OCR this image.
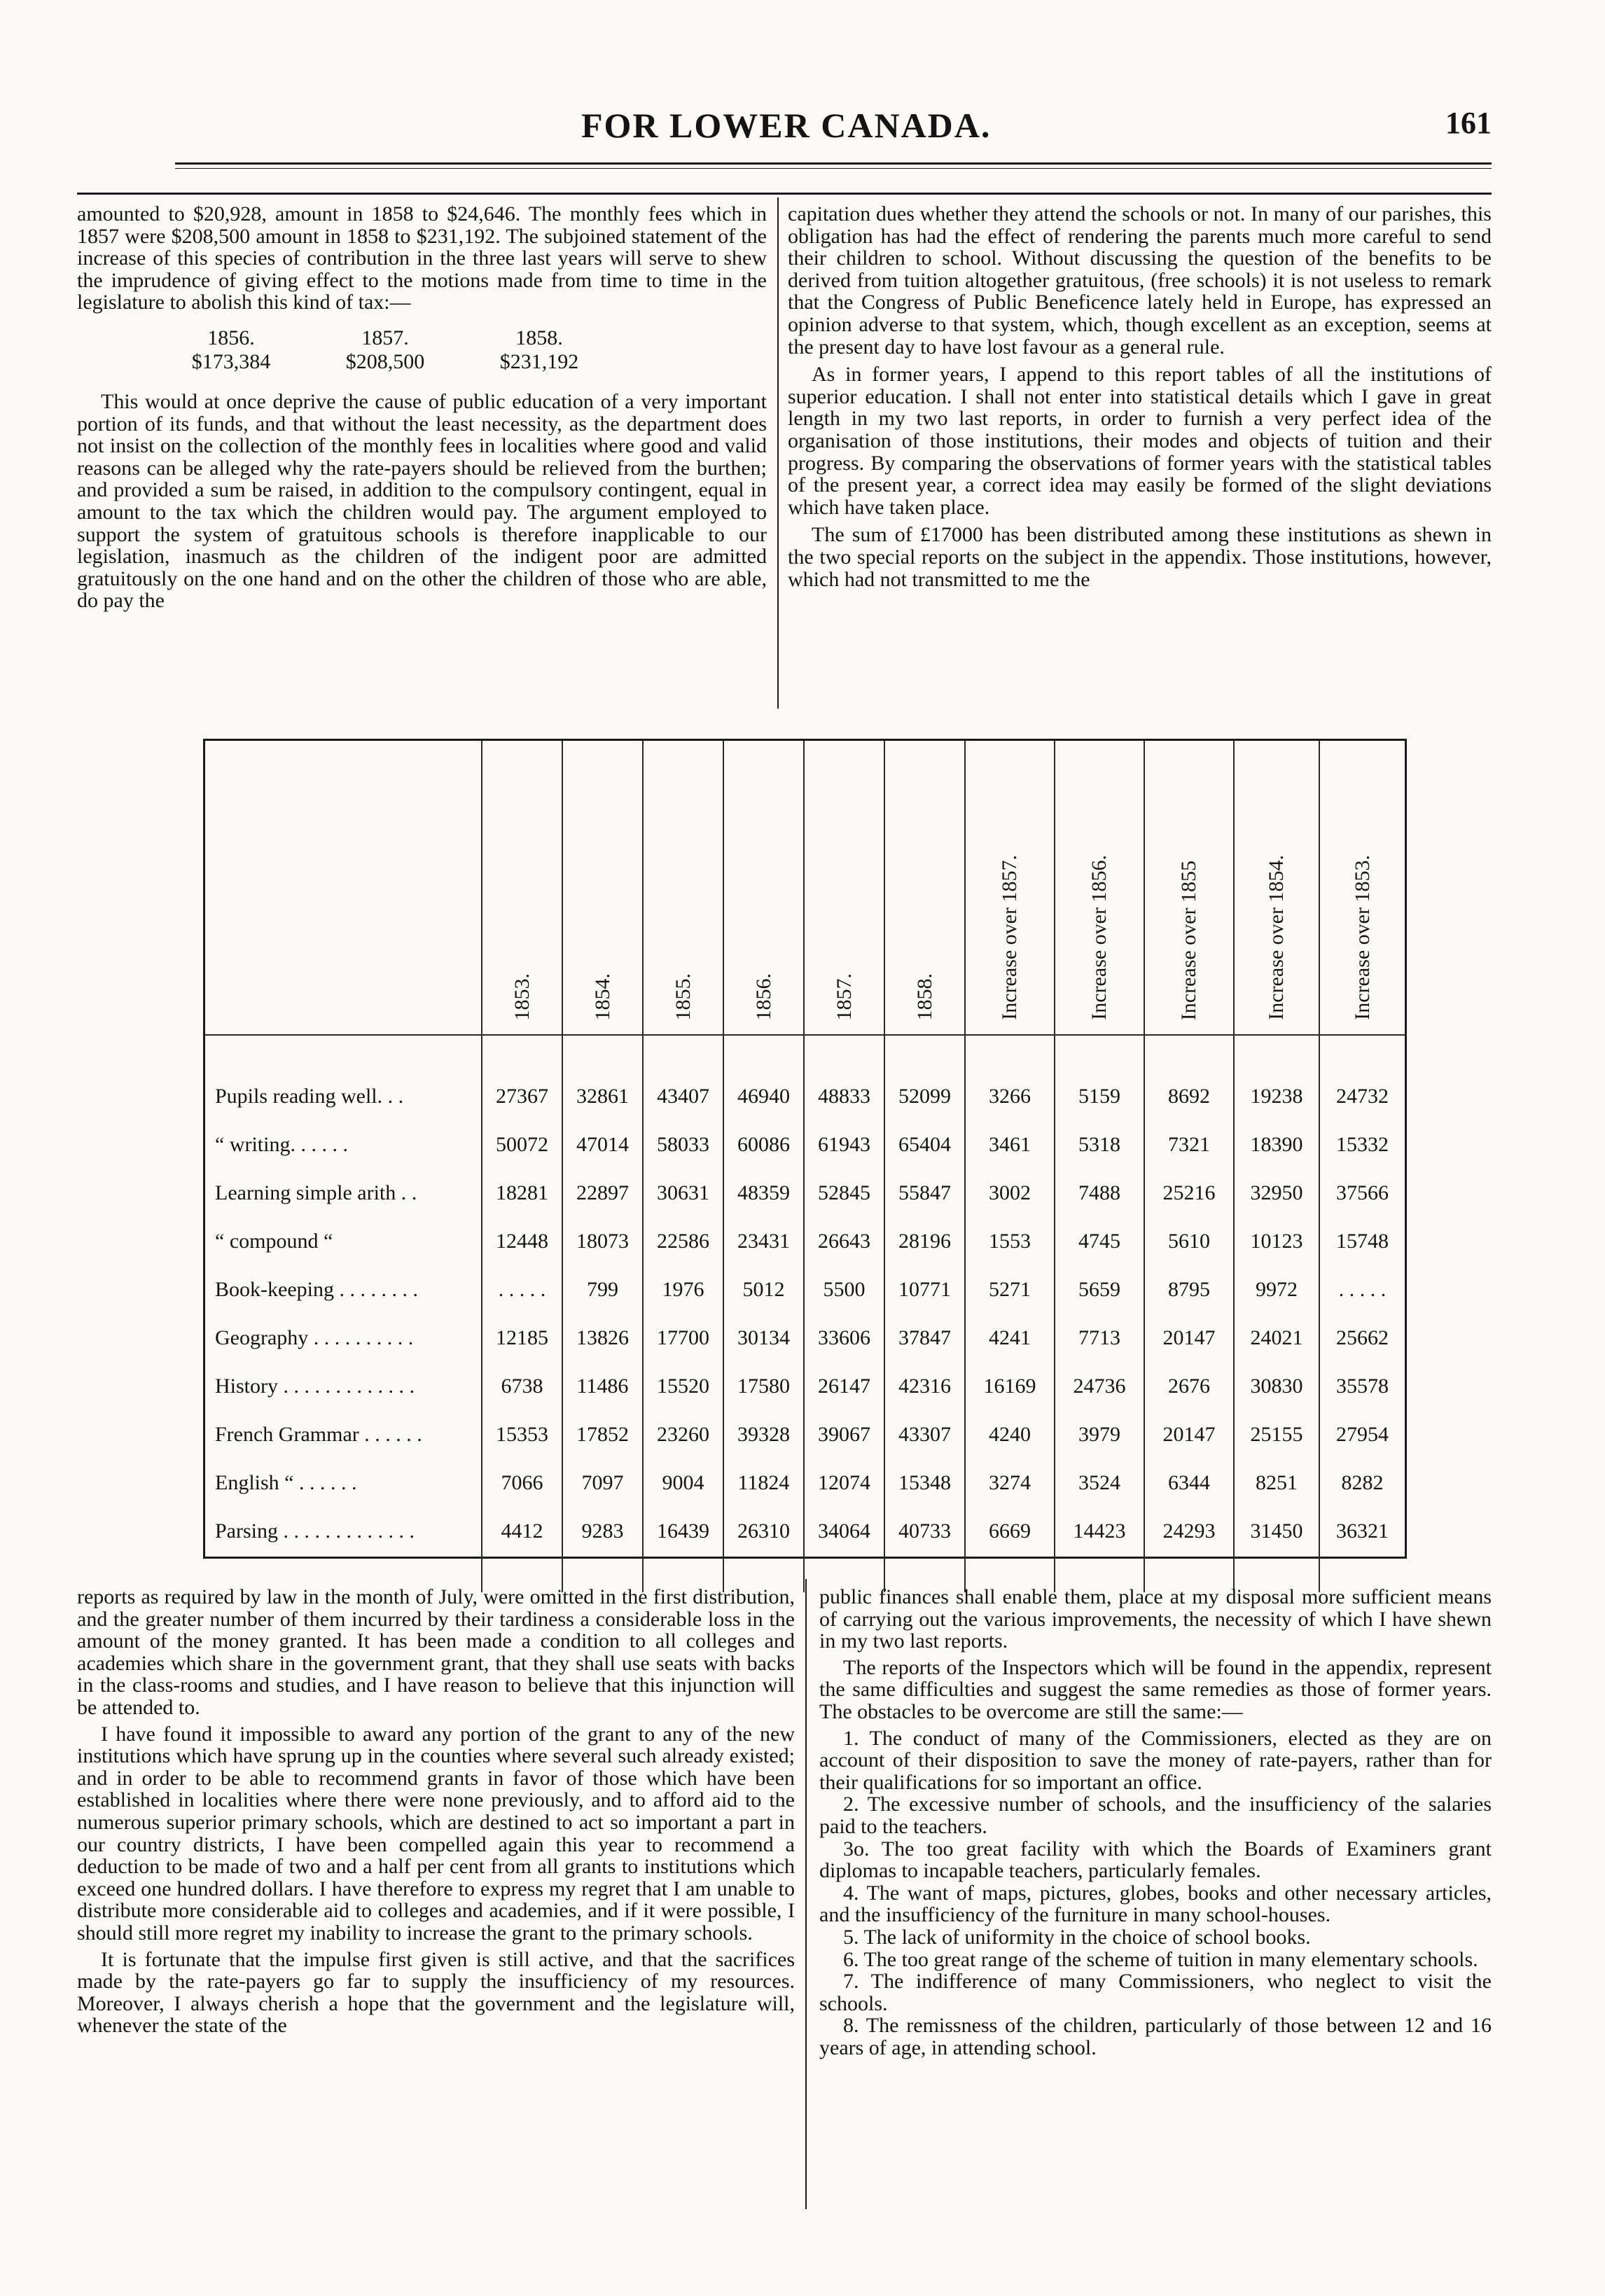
FOR LOWER CANADA.	161

amounted to $20,928, amount in 1858 to $24,646. The monthly fees which in 1857 were $208,500 amount in 1858 to $231,192. The subjoined statement of the increase of this species of contribution in the three last years will serve to shew the imprudence of giving effect to the motions made from time to time in the legislature to abolish this kind of tax:—

1856.	1857.	1858.
$173,384	$208,500	$231,192

This would at once deprive the cause of public education of a very important portion of its funds, and that without the least necessity, as the department does not insist on the collection of the monthly fees in localities where good and valid reasons can be alleged why the rate-payers should be relieved from the burthen; and provided a sum be raised, in addition to the compulsory contingent, equal in amount to the tax which the children would pay. The argument employed to support the system of gratuitous schools is therefore inapplicable to our legislation, inasmuch as the children of the indigent poor are admitted gratuitously on the one hand and on the other the children of those who are able, do pay the

capitation dues whether they attend the schools or not. In many of our parishes, this obligation has had the effect of rendering the parents much more careful to send their children to school. Without discussing the question of the benefits to be derived from tuition altogether gratuitous, (free schools) it is not useless to remark that the Congress of Public Beneficence lately held in Europe, has expressed an opinion adverse to that system, which, though excellent as an exception, seems at the present day to have lost favour as a general rule.

As in former years, I append to this report tables of all the institutions of superior education. I shall not enter into statistical details which I gave in great length in my two last reports, in order to furnish a very perfect idea of the organisation of those institutions, their modes and objects of tuition and their progress. By comparing the observations of former years with the statistical tables of the present year, a correct idea may easily be formed of the slight deviations which have taken place.

The sum of £17000 has been distributed among these institutions as shewn in the two special reports on the subject in the appendix. Those institutions, however, which had not transmitted to me the

	1853.	1854.	1855.	1856.	1857.	1858.	Increase over 1857.	Increase over 1856.	Increase over 1855	Increase over 1854.	Increase over 1853.

Pupils reading well. . .	27367	32861	43407	46940	48833	52099	3266	5159	8692	19238	24732
“ writing. . . . . .	50072	47014	58033	60086	61943	65404	3461	5318	7321	18390	15332
Learning simple arith . .	18281	22897	30631	48359	52845	55847	3002	7488	25216	32950	37566
“ compound “	12448	18073	22586	23431	26643	28196	1553	4745	5610	10123	15748
Book-keeping . . . . . . . .	. . . . .	799	1976	5012	5500	10771	5271	5659	8795	9972	. . . . .
Geography . . . . . . . . . .	12185	13826	17700	30134	33606	37847	4241	7713	20147	24021	25662
History . . . . . . . . . . . . .	6738	11486	15520	17580	26147	42316	16169	24736	2676	30830	35578
French Grammar . . . . . .	15353	17852	23260	39328	39067	43307	4240	3979	20147	25155	27954
English “ . . . . . .	7066	7097	9004	11824	12074	15348	3274	3524	6344	8251	8282
Parsing . . . . . . . . . . . . .	4412	9283	16439	26310	34064	40733	6669	14423	24293	31450	36321

reports as required by law in the month of July, were omitted in the first distribution, and the greater number of them incurred by their tardiness a considerable loss in the amount of the money granted. It has been made a condition to all colleges and academies which share in the government grant, that they shall use seats with backs in the class-rooms and studies, and I have reason to believe that this injunction will be attended to.

I have found it impossible to award any portion of the grant to any of the new institutions which have sprung up in the counties where several such already existed; and in order to be able to recommend grants in favor of those which have been established in localities where there were none previously, and to afford aid to the numerous superior primary schools, which are destined to act so important a part in our country districts, I have been compelled again this year to recommend a deduction to be made of two and a half per cent from all grants to institutions which exceed one hundred dollars. I have therefore to express my regret that I am unable to distribute more considerable aid to colleges and academies, and if it were possible, I should still more regret my inability to increase the grant to the primary schools.

It is fortunate that the impulse first given is still active, and that the sacrifices made by the rate-payers go far to supply the insufficiency of my resources. Moreover, I always cherish a hope that the government and the legislature will, whenever the state of the

public finances shall enable them, place at my disposal more sufficient means of carrying out the various improvements, the necessity of which I have shewn in my two last reports.

The reports of the Inspectors which will be found in the appendix, represent the same difficulties and suggest the same remedies as those of former years. The obstacles to be overcome are still the same:—

1. The conduct of many of the Commissioners, elected as they are on account of their disposition to save the money of rate-payers, rather than for their qualifications for so important an office.

2. The excessive number of schools, and the insufficiency of the salaries paid to the teachers.

3o. The too great facility with which the Boards of Examiners grant diplomas to incapable teachers, particularly females.

4. The want of maps, pictures, globes, books and other necessary articles, and the insufficiency of the furniture in many school-houses.

5. The lack of uniformity in the choice of school books.

6. The too great range of the scheme of tuition in many elementary schools.

7. The indifference of many Commissioners, who neglect to visit the schools.

8. The remissness of the children, particularly of those between 12 and 16 years of age, in attending school.
